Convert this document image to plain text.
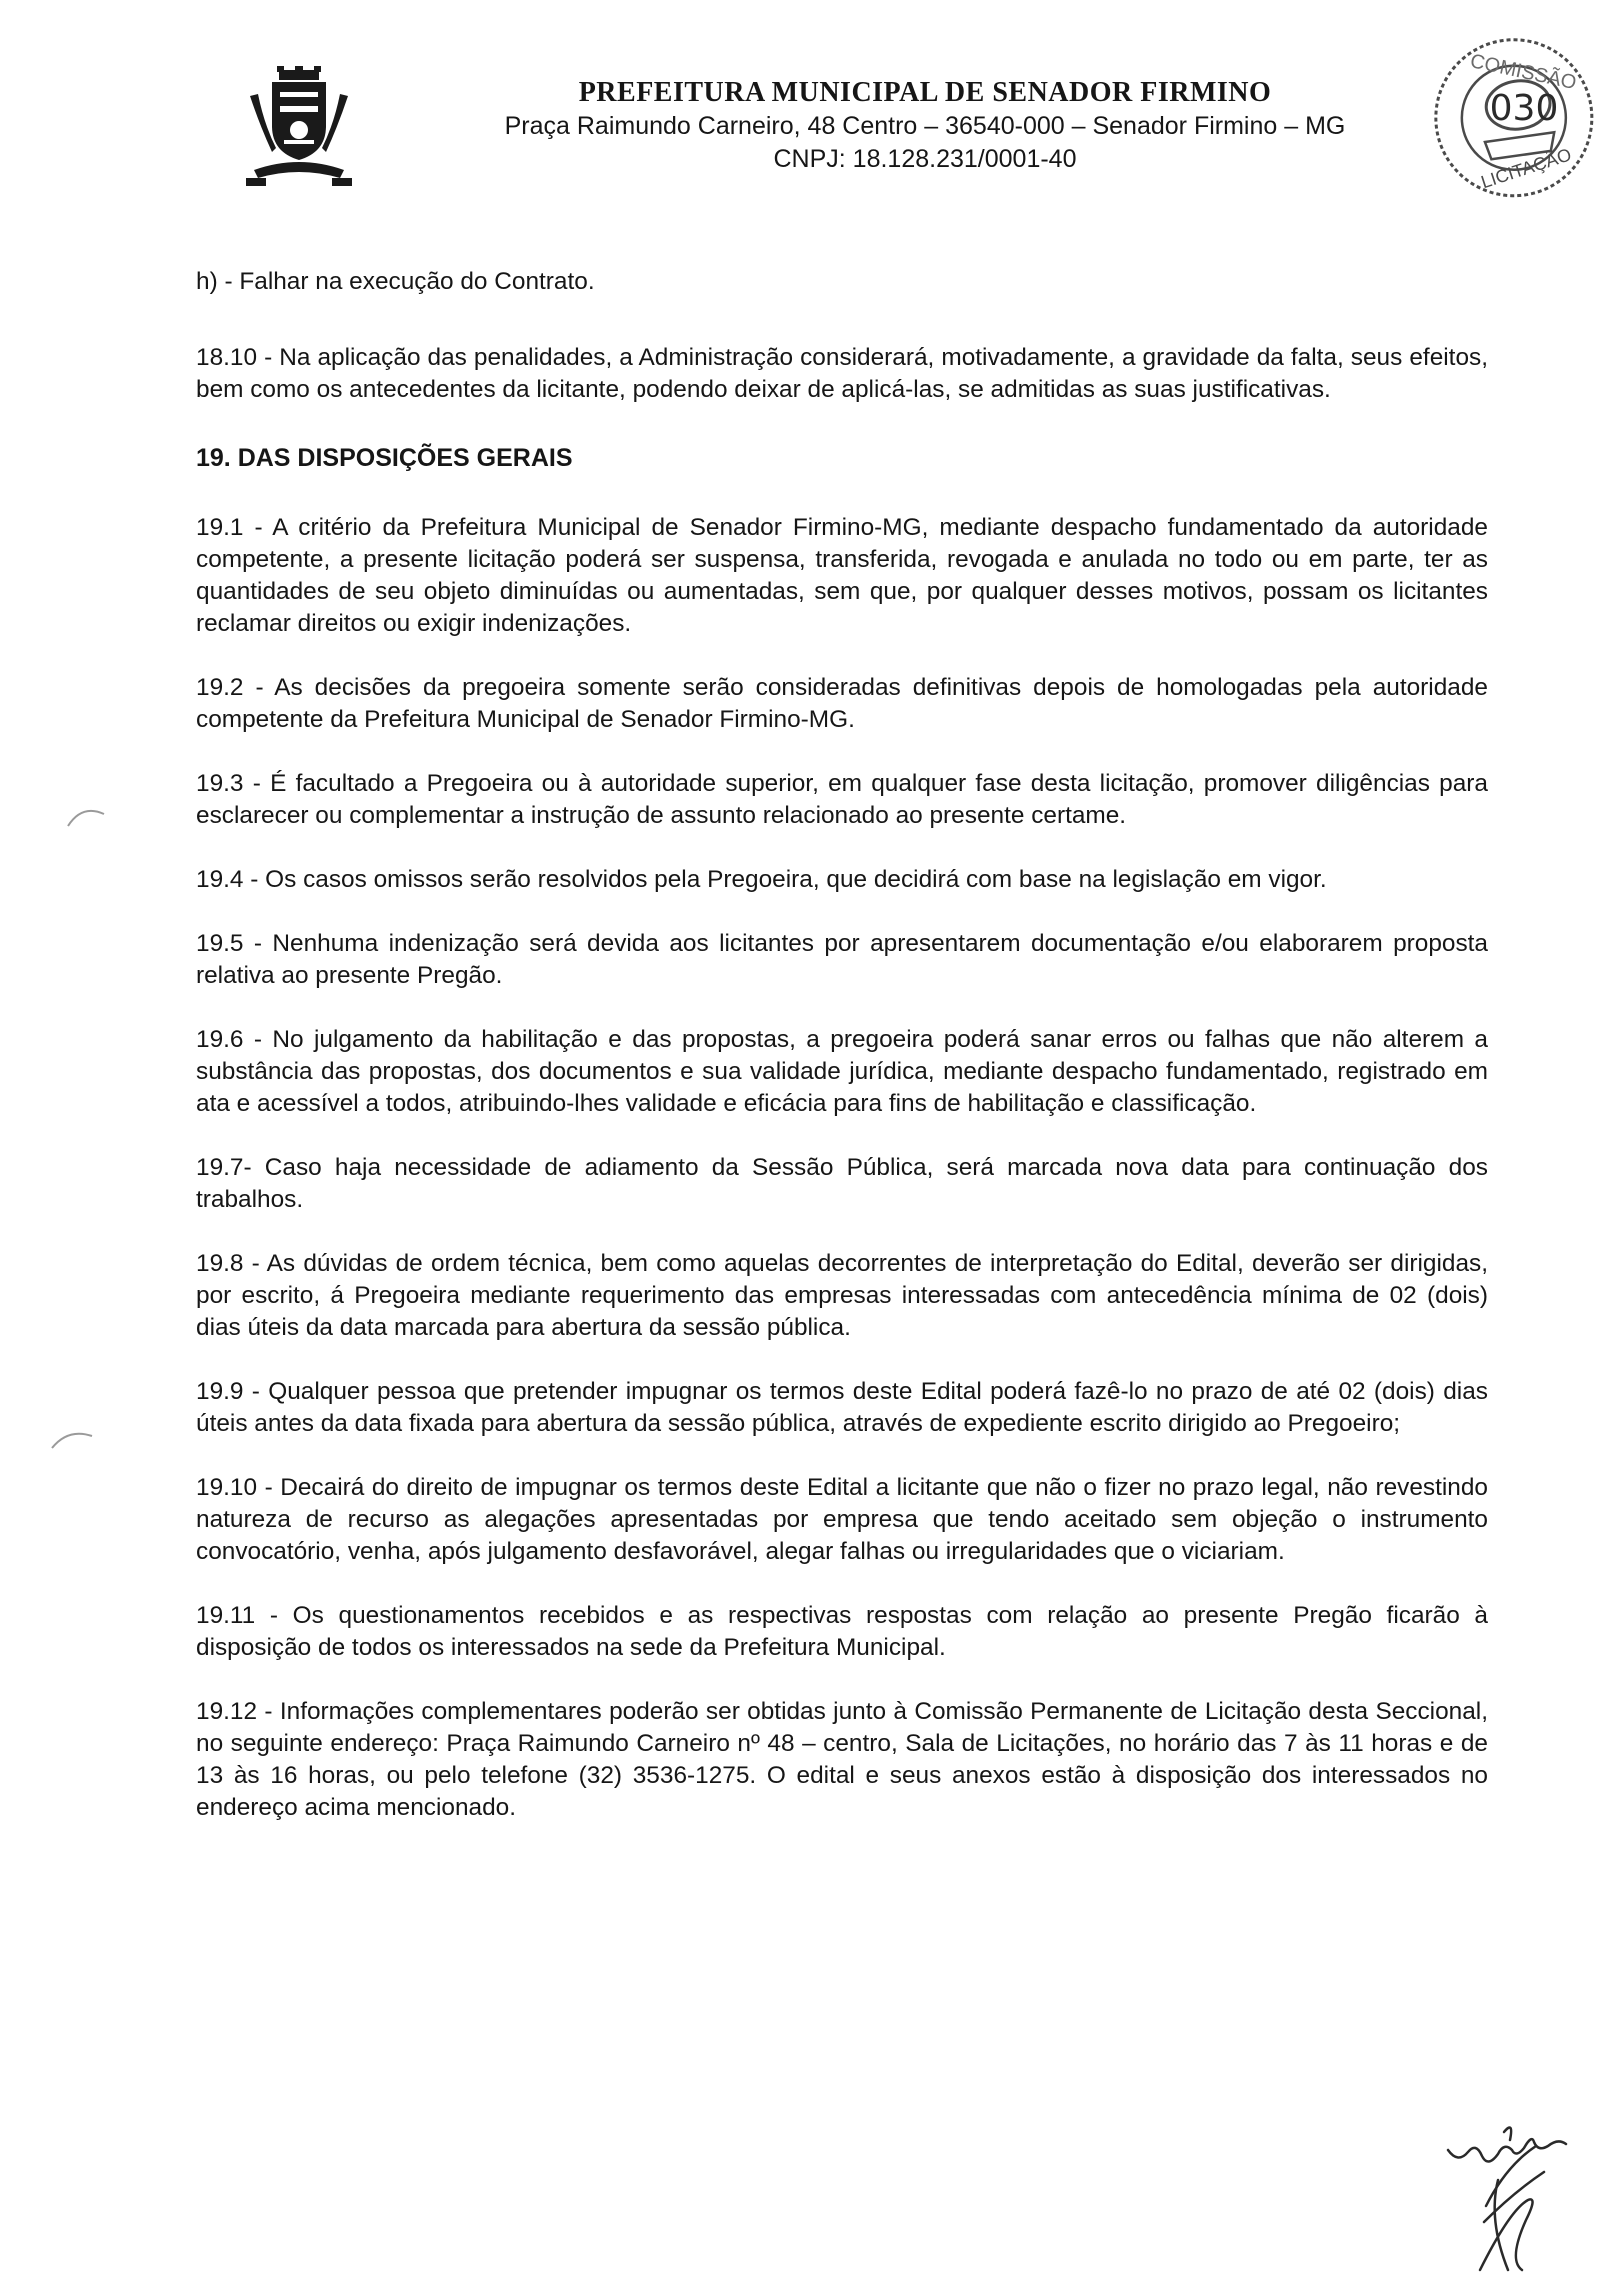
PREFEITURA MUNICIPAL DE SENADOR FIRMINO
Praça Raimundo Carneiro, 48 Centro – 36540-000 – Senador Firmino – MG
CNPJ: 18.128.231/0001-40
COMISSÃO
030
LICITAÇÃO

h) - Falhar na execução do Contrato.

18.10 - Na aplicação das penalidades, a Administração considerará, motivadamente, a gravidade da falta, seus efeitos, bem como os antecedentes da licitante, podendo deixar de aplicá-las, se admitidas as suas justificativas.

19. DAS DISPOSIÇÕES GERAIS

19.1 - A critério da Prefeitura Municipal de Senador Firmino-MG, mediante despacho fundamentado da autoridade competente, a presente licitação poderá ser suspensa, transferida, revogada e anulada no todo ou em parte, ter as quantidades de seu objeto diminuídas ou aumentadas, sem que, por qualquer desses motivos, possam os licitantes reclamar direitos ou exigir indenizações.

19.2 - As decisões da pregoeira somente serão consideradas definitivas depois de homologadas pela autoridade competente da Prefeitura Municipal de Senador Firmino-MG.

19.3 - É facultado a Pregoeira ou à autoridade superior, em qualquer fase desta licitação, promover diligências para esclarecer ou complementar a instrução de assunto relacionado ao presente certame.

19.4 - Os casos omissos serão resolvidos pela Pregoeira, que decidirá com base na legislação em vigor.

19.5 - Nenhuma indenização será devida aos licitantes por apresentarem documentação e/ou elaborarem proposta relativa ao presente Pregão.

19.6 - No julgamento da habilitação e das propostas, a pregoeira poderá sanar erros ou falhas que não alterem a substância das propostas, dos documentos e sua validade jurídica, mediante despacho fundamentado, registrado em ata e acessível a todos, atribuindo-lhes validade e eficácia para fins de habilitação e classificação.

19.7- Caso haja necessidade de adiamento da Sessão Pública, será marcada nova data para continuação dos trabalhos.

19.8 - As dúvidas de ordem técnica, bem como aquelas decorrentes de interpretação do Edital, deverão ser dirigidas, por escrito, á Pregoeira mediante requerimento das empresas interessadas com antecedência mínima de 02 (dois) dias úteis da data marcada para abertura da sessão pública.

19.9 - Qualquer pessoa que pretender impugnar os termos deste Edital poderá fazê-lo no prazo de até 02 (dois) dias úteis antes da data fixada para abertura da sessão pública, através de expediente escrito dirigido ao Pregoeiro;

19.10 - Decairá do direito de impugnar os termos deste Edital a licitante que não o fizer no prazo legal, não revestindo natureza de recurso as alegações apresentadas por empresa que tendo aceitado sem objeção o instrumento convocatório, venha, após julgamento desfavorável, alegar falhas ou irregularidades que o viciariam.

19.11 - Os questionamentos recebidos e as respectivas respostas com relação ao presente Pregão ficarão à disposição de todos os interessados na sede da Prefeitura Municipal.

19.12 - Informações complementares poderão ser obtidas junto à Comissão Permanente de Licitação desta Seccional, no seguinte endereço: Praça Raimundo Carneiro nº 48 – centro, Sala de Licitações, no horário das 7 às 11 horas e de 13 às 16 horas, ou pelo telefone (32) 3536-1275. O edital e seus anexos estão à disposição dos interessados no endereço acima mencionado.
